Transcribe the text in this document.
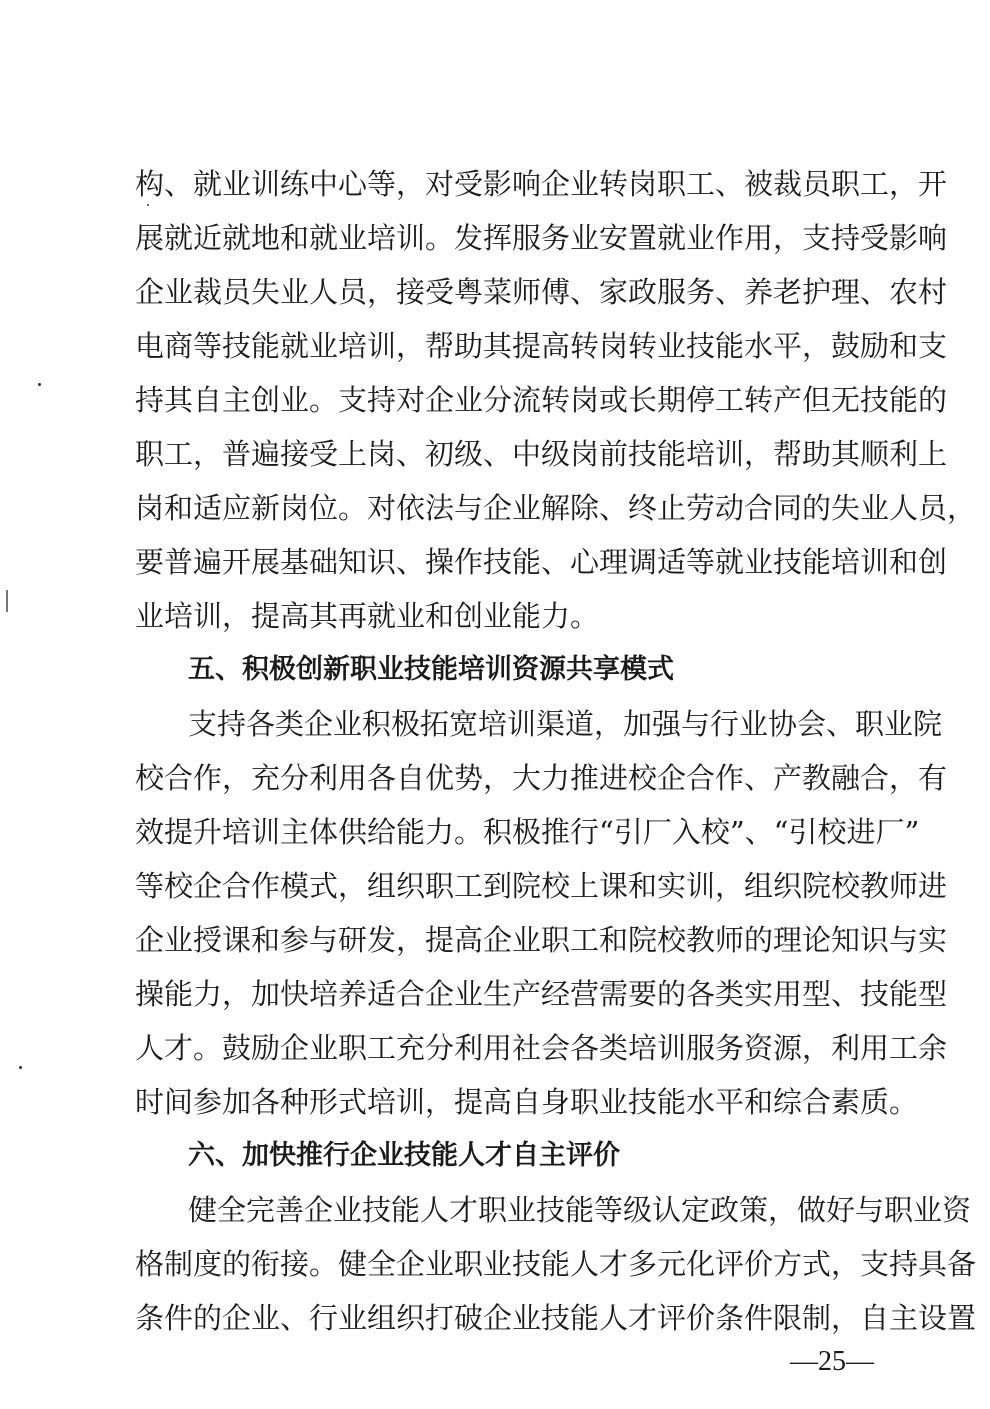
构、就业训练中心等，对受影响企业转岗职工、被裁员职工，开
展就近就地和就业培训。发挥服务业安置就业作用，支持受影响
企业裁员失业人员，接受粤菜师傅、家政服务、养老护理、农村
电商等技能就业培训，帮助其提高转岗转业技能水平，鼓励和支
持其自主创业。支持对企业分流转岗或长期停工转产但无技能的
职工，普遍接受上岗、初级、中级岗前技能培训，帮助其顺利上
岗和适应新岗位。对依法与企业解除、终止劳动合同的失业人员，
要普遍开展基础知识、操作技能、心理调适等就业技能培训和创
业培训，提高其再就业和创业能力。
五、积极创新职业技能培训资源共享模式
支持各类企业积极拓宽培训渠道，加强与行业协会、职业院
校合作，充分利用各自优势，大力推进校企合作、产教融合，有
效提升培训主体供给能力。积极推行“引厂入校”、“引校进厂”
等校企合作模式，组织职工到院校上课和实训，组织院校教师进
企业授课和参与研发，提高企业职工和院校教师的理论知识与实
操能力，加快培养适合企业生产经营需要的各类实用型、技能型
人才。鼓励企业职工充分利用社会各类培训服务资源，利用工余
时间参加各种形式培训，提高自身职业技能水平和综合素质。
六、加快推行企业技能人才自主评价
健全完善企业技能人才职业技能等级认定政策，做好与职业资
格制度的衔接。健全企业职业技能人才多元化评价方式，支持具备
条件的企业、行业组织打破企业技能人才评价条件限制，自主设置
—25—
